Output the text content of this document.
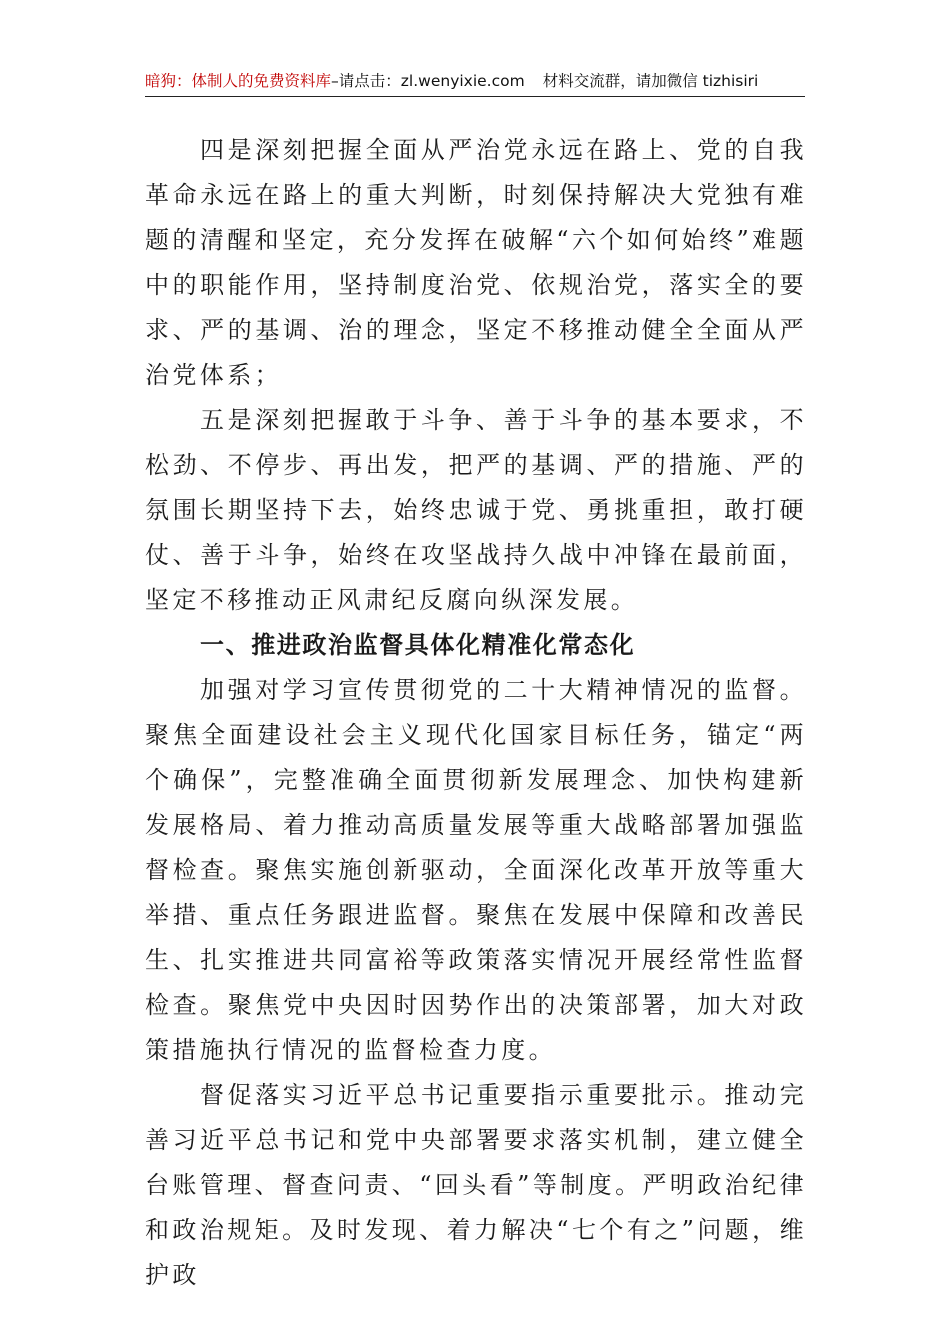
暗狗：体制人的免费资料库–请点击：zl.wenyixie.com 材料交流群，请加微信 tizhisiri

四是深刻把握全面从严治党永远在路上、党的自我革命永远在路上的重大判断，时刻保持解决大党独有难题的清醒和坚定，充分发挥在破解“六个如何始终”难题中的职能作用，坚持制度治党、依规治党，落实全的要求、严的基调、治的理念，坚定不移推动健全全面从严治党体系；

五是深刻把握敢于斗争、善于斗争的基本要求，不松劲、不停步、再出发，把严的基调、严的措施、严的氛围长期坚持下去，始终忠诚于党、勇挑重担，敢打硬仗、善于斗争，始终在攻坚战持久战中冲锋在最前面，坚定不移推动正风肃纪反腐向纵深发展。

一、推进政治监督具体化精准化常态化

加强对学习宣传贯彻党的二十大精神情况的监督。聚焦全面建设社会主义现代化国家目标任务，锚定“两个确保”，完整准确全面贯彻新发展理念、加快构建新发展格局、着力推动高质量发展等重大战略部署加强监督检查。聚焦实施创新驱动，全面深化改革开放等重大举措、重点任务跟进监督。聚焦在发展中保障和改善民生、扎实推进共同富裕等政策落实情况开展经常性监督检查。聚焦党中央因时因势作出的决策部署，加大对政策措施执行情况的监督检查力度。

督促落实习近平总书记重要指示重要批示。推动完善习近平总书记和党中央部署要求落实机制，建立健全台账管理、督查问责、“回头看”等制度。严明政治纪律和政治规矩。及时发现、着力解决“七个有之”问题，维护政
